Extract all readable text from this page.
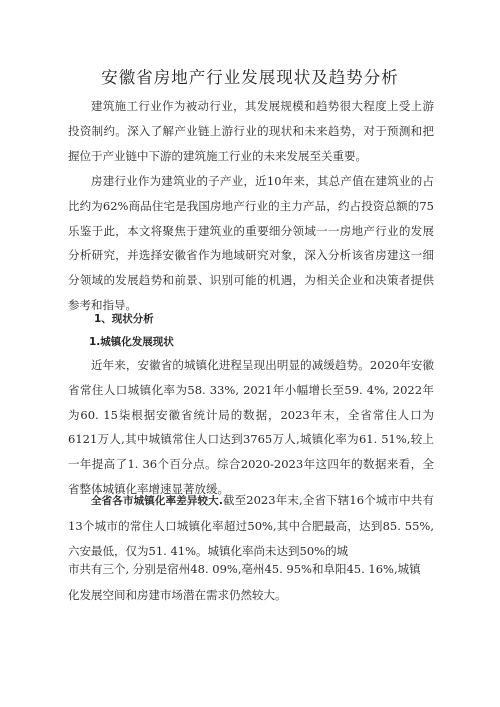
安徽省房地产行业发展现状及趋势分析

建筑施工行业作为被动行业，其发展规模和趋势很大程度上受上游投资制约。深入了解产业链上游行业的现状和未来趋势，对于预测和把握位于产业链中下游的建筑施工行业的未来发展至关重要。

房建行业作为建筑业的子产业，近10年来，其总产值在建筑业的占比约为62%商品住宅是我国房地产行业的主力产品，约占投资总额的75乐鉴于此，本文将聚焦于建筑业的重要细分领域一一房地产行业的发展分析研究，并选择安徽省作为地域研究对象，深入分析该省房建这一细分领域的发展趋势和前景、识别可能的机遇，为相关企业和决策者提供参考和指导。

1、现状分析

1.城镇化发展现状

近年来，安徽省的城镇化进程呈现出明显的减缓趋势。2020年安徽省常住人口城镇化率为58. 33%, 2021年小幅增长至59. 4%, 2022年为60. 15柒根据安徽省统计局的数据，2023年末，全省常住人口为6121万人,其中城镇常住人口达到3765万人,城镇化率为61. 51%,较上一年提高了1. 36个百分点。综合2020-2023年这四年的数据来看，全省整体城镇化率增速显著放缓。

全省各市城镇化率差异较大.截至2023年末,全省下辖16个城市中共有13个城市的常住人口城镇化率超过50%,其中合肥最高，达到85. 55%,六安最低，仅为51. 41%。城镇化率尚未达到50%的城

市共有三个, 分别是宿州48. 09%,亳州45. 95%和阜阳45. 16%,城镇

化发展空间和房建市场潜在需求仍然较大。
